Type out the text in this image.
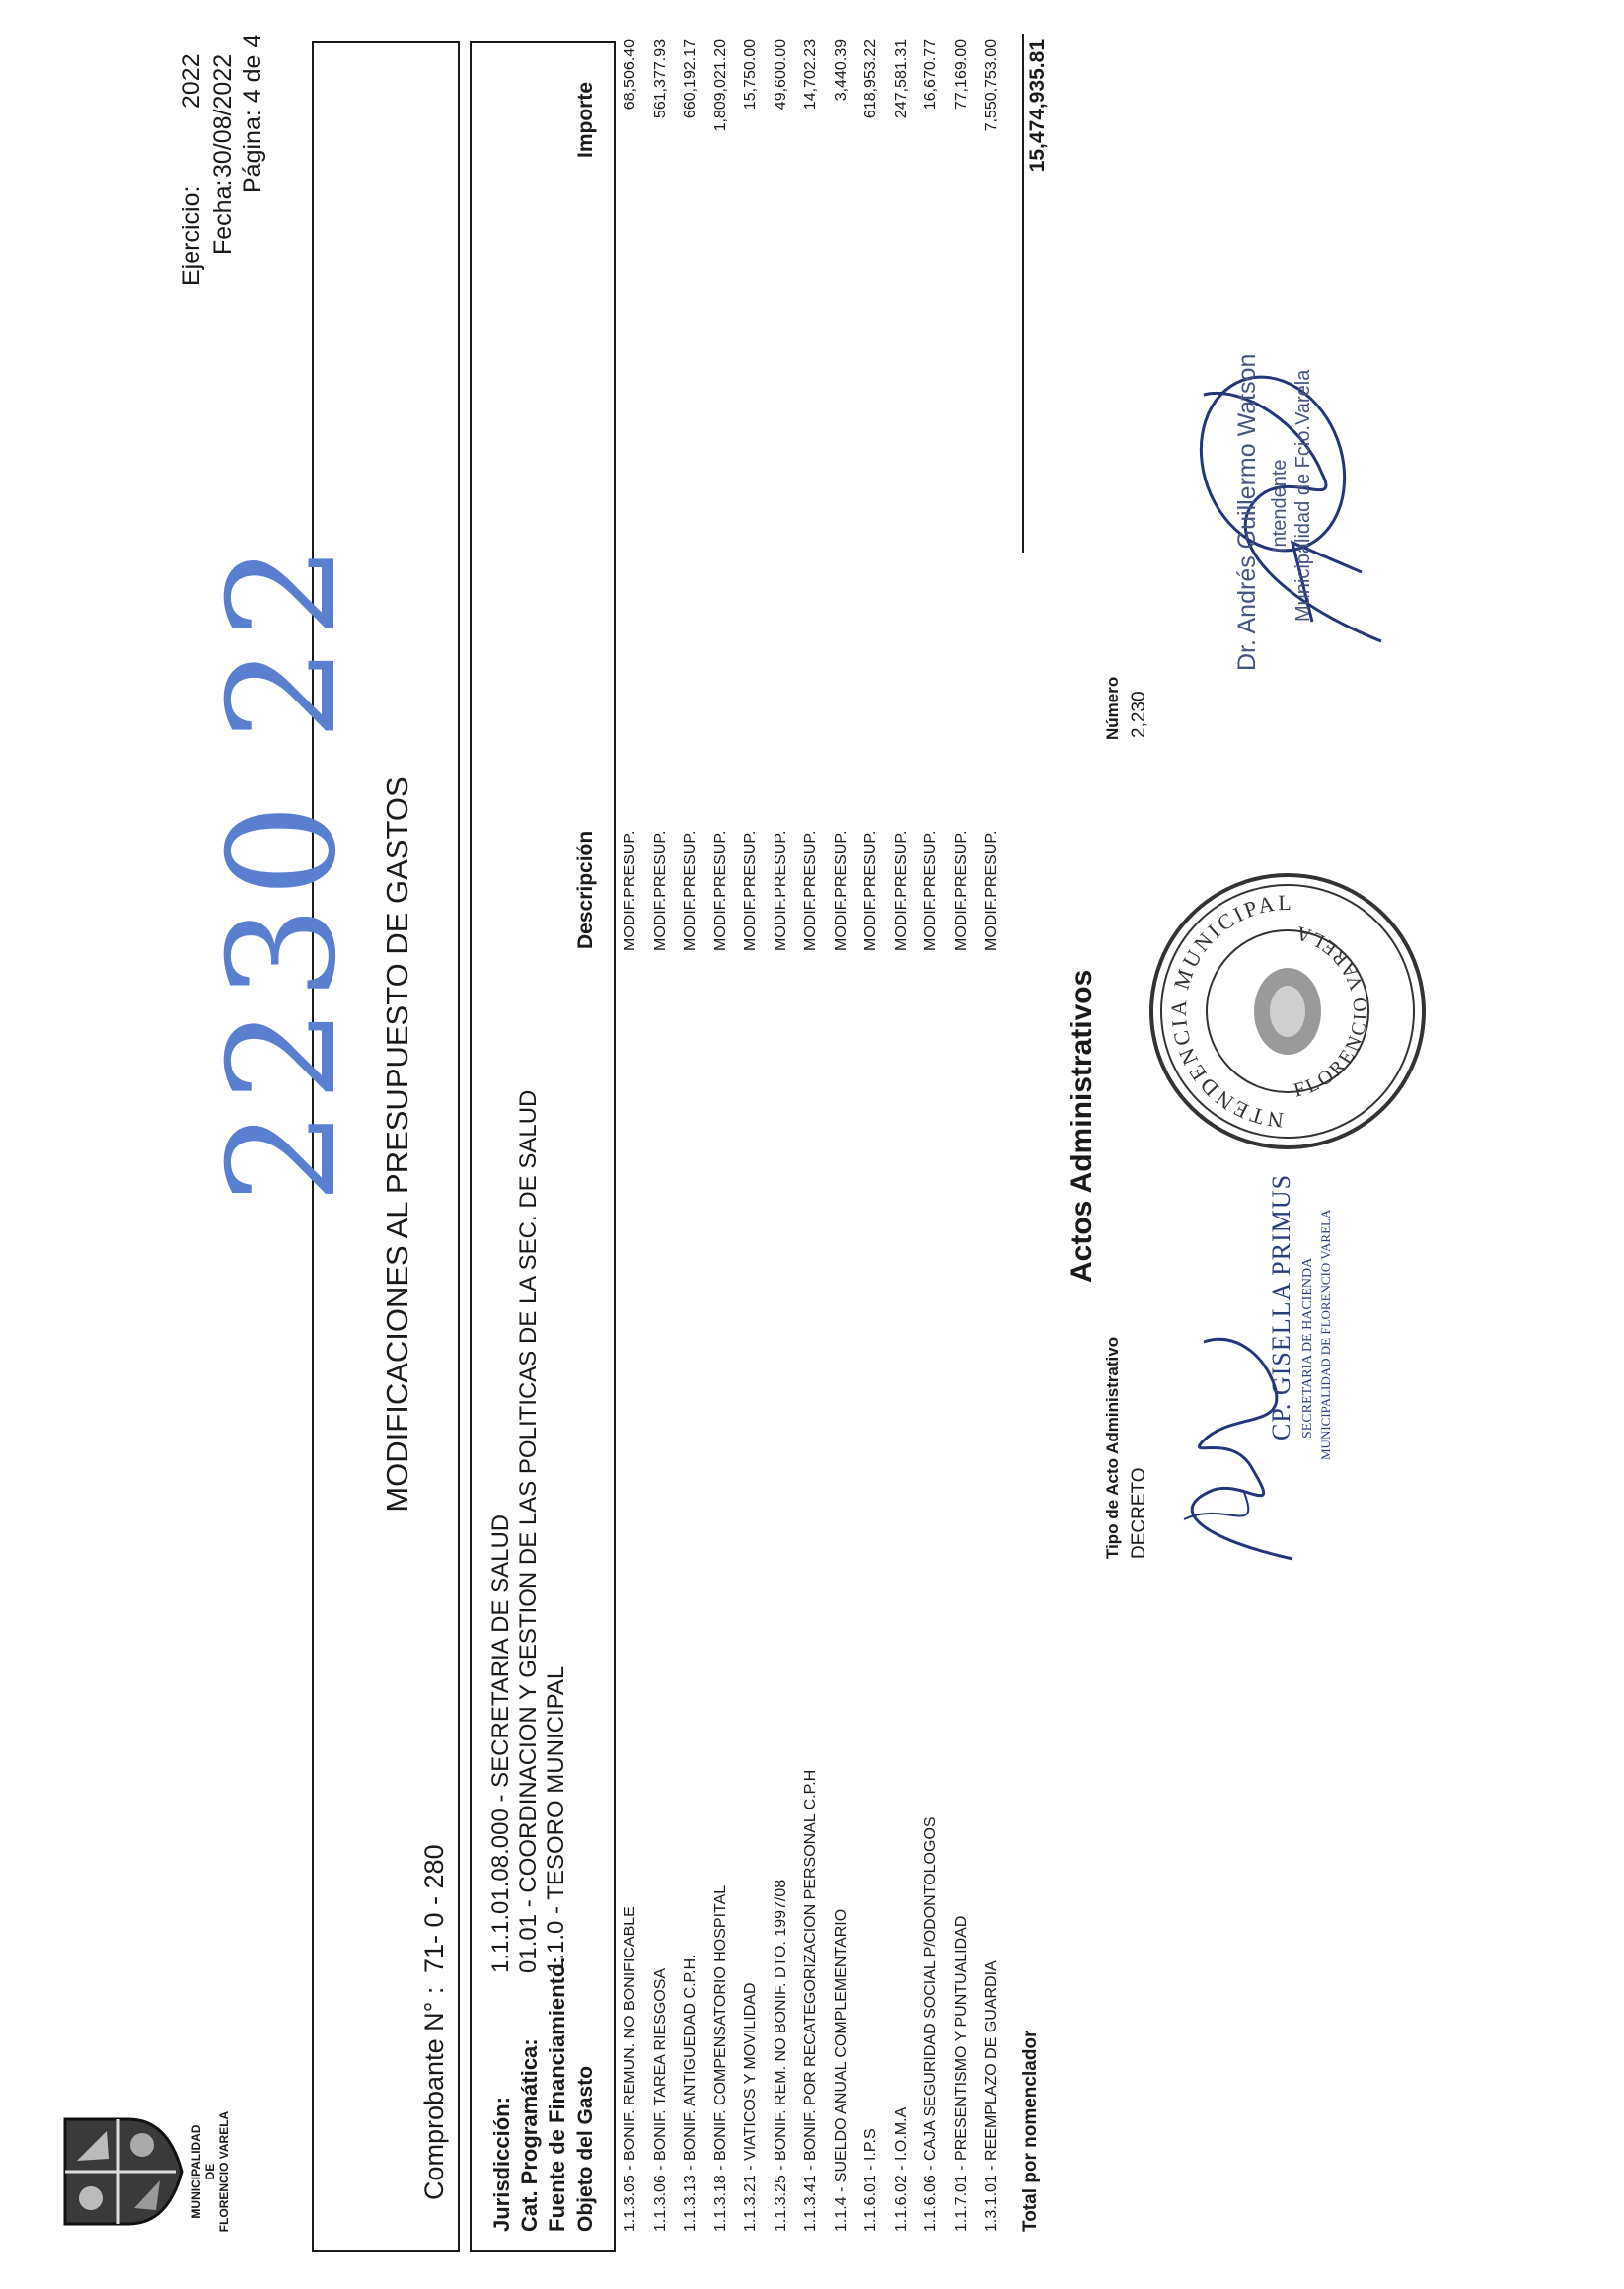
MUNICIPALIDAD DE FLORENCIO VARELA
Ejercicio:
2022
Fecha:
30/08/2022 Página: 4 de 4
MODIFICACIONES AL PRESUPUESTO DE GASTOS
2230 22
Comprobante N° :
71- 0 - 280
Jurisdicción:
1.1.1.01.08.000 - SECRETARIA DE SALUD
Cat. Programática:
01.01 - COORDINACION Y GESTION DE LAS POLITICAS DE LA SEC. DE SALUD
Fuente de Financiamiento:
1.1.0 - TESORO MUNICIPAL
Objeto del Gasto
Descripción
Importe
1.1.3.05 - BONIF. REMUN. NO BONIFICABLE
MODIF.PRESUP.
68,506.40
1.1.3.06 - BONIF. TAREA RIESGOSA
MODIF.PRESUP.
561,377.93
1.1.3.13 - BONIF. ANTIGUEDAD C.P.H.
MODIF.PRESUP.
660,192.17
1.1.3.18 - BONIF. COMPENSATORIO HOSPITAL
MODIF.PRESUP.
1,809,021.20
1.1.3.21 - VIATICOS Y MOVILIDAD
MODIF.PRESUP.
15,750.00
1.1.3.25 - BONIF. REM. NO BONIF. DTO. 1997/08
MODIF.PRESUP.
49,600.00
1.1.3.41 - BONIF. POR RECATEGORIZACION PERSONAL C.P.H
MODIF.PRESUP.
14,702.23
1.1.4 - SUELDO ANUAL COMPLEMENTARIO
MODIF.PRESUP.
3,440.39
1.1.6.01 - I.P.S
MODIF.PRESUP.
618,953.22
1.1.6.02 - I.O.M.A
MODIF.PRESUP.
247,581.31
1.1.6.06 - CAJA SEGURIDAD SOCIAL P/ODONTOLOGOS
MODIF.PRESUP.
16,670.77
1.1.7.01 - PRESENTISMO Y PUNTUALIDAD
MODIF.PRESUP.
77,169.00
1.3.1.01 - REEMPLAZO DE GUARDIA
MODIF.PRESUP.
7,550,753.00
Total por nomenclador
15,474,935.81
Actos Administrativos
Tipo de Acto Administrativo DECRETO
Número 2,230
CP. GISELLA PRIMUS SECRETARIA DE HACIENDA MUNICIPALIDAD DE FLORENCIO VARELA
NTENDENCIA MUNICIPAL
FLORENCIO VARELA
Dr. Andrés Guillermo Watson Intendente Municipalidad de Fcio.Varela
